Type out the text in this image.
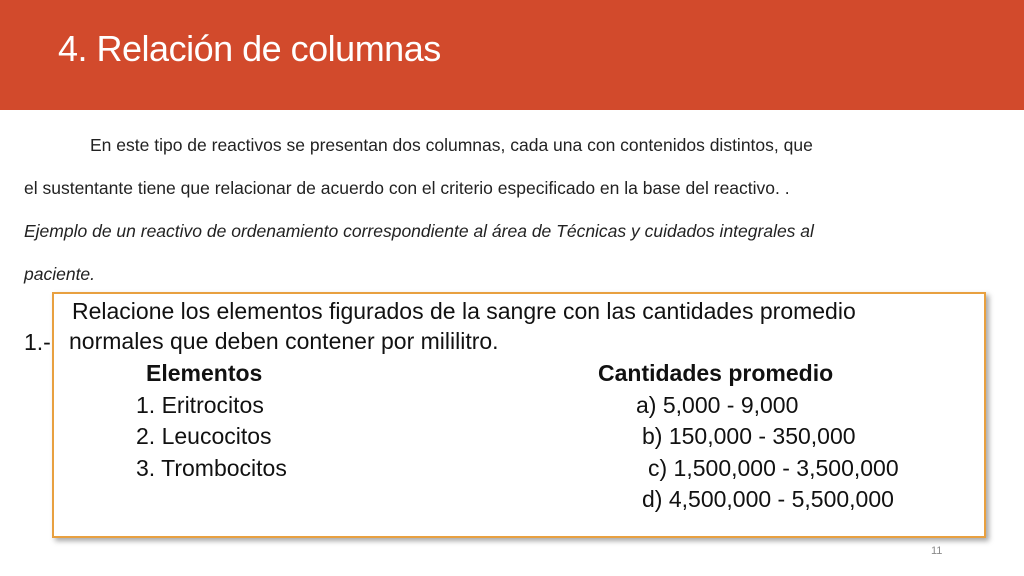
4. Relación de columnas

En este tipo de reactivos se presentan dos columnas, cada una con contenidos distintos, que

el sustentante tiene que relacionar de acuerdo con el criterio especificado en la base del reactivo. .

Ejemplo de un reactivo de ordenamiento correspondiente al área de Técnicas y cuidados integrales al

paciente.

1.-
Relacione los elementos figurados de la sangre con las cantidades promedio
normales que deben contener por mililitro.
Elementos
1. Eritrocitos
2. Leucocitos
3. Trombocitos
Cantidades promedio
a) 5,000 - 9,000
b) 150,000 - 350,000
c) 1,500,000 - 3,500,000
d) 4,500,000 - 5,500,000
11
